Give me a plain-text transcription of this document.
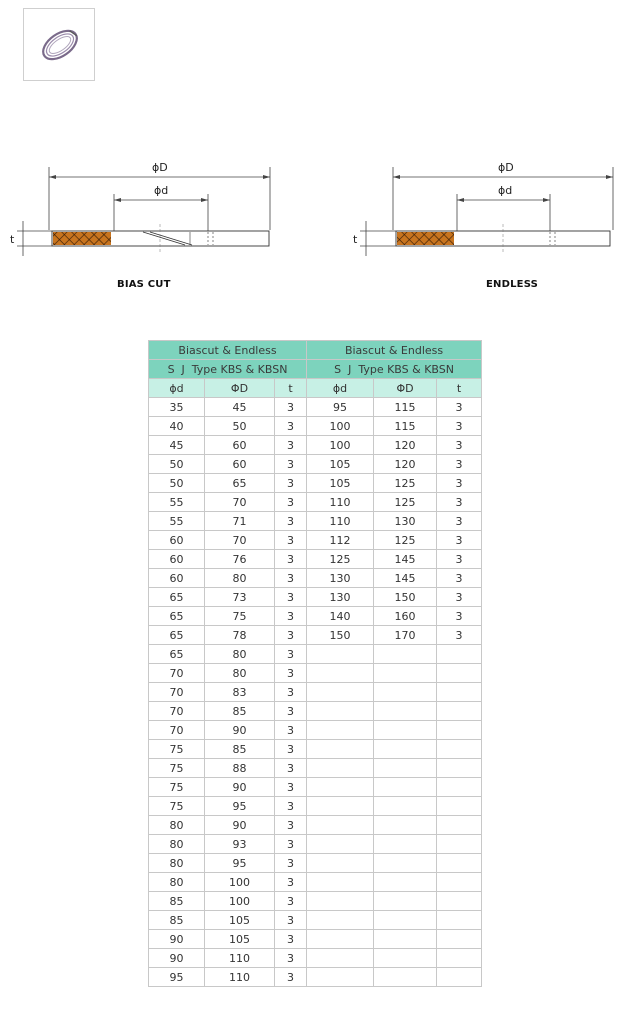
ϕD
ϕd
t
BIAS CUT
ϕD
ϕd
t
ENDLESS
Biascut & Endless			Biascut & Endless		
S  J  Type KBS & KBSN			S  J  Type KBS & KBSN		
ϕd	ΦD	t	ϕd	ΦD	t
35	45	3	95	115	3
40	50	3	100	115	3
45	60	3	100	120	3
50	60	3	105	120	3
50	65	3	105	125	3
55	70	3	110	125	3
55	71	3	110	130	3
60	70	3	112	125	3
60	76	3	125	145	3
60	80	3	130	145	3
65	73	3	130	150	3
65	75	3	140	160	3
65	78	3	150	170	3
65	80	3			
70	80	3			
70	83	3			
70	85	3			
70	90	3			
75	85	3			
75	88	3			
75	90	3			
75	95	3			
80	90	3			
80	93	3			
80	95	3			
80	100	3			
85	100	3			
85	105	3			
90	105	3			
90	110	3			
95	110	3			
